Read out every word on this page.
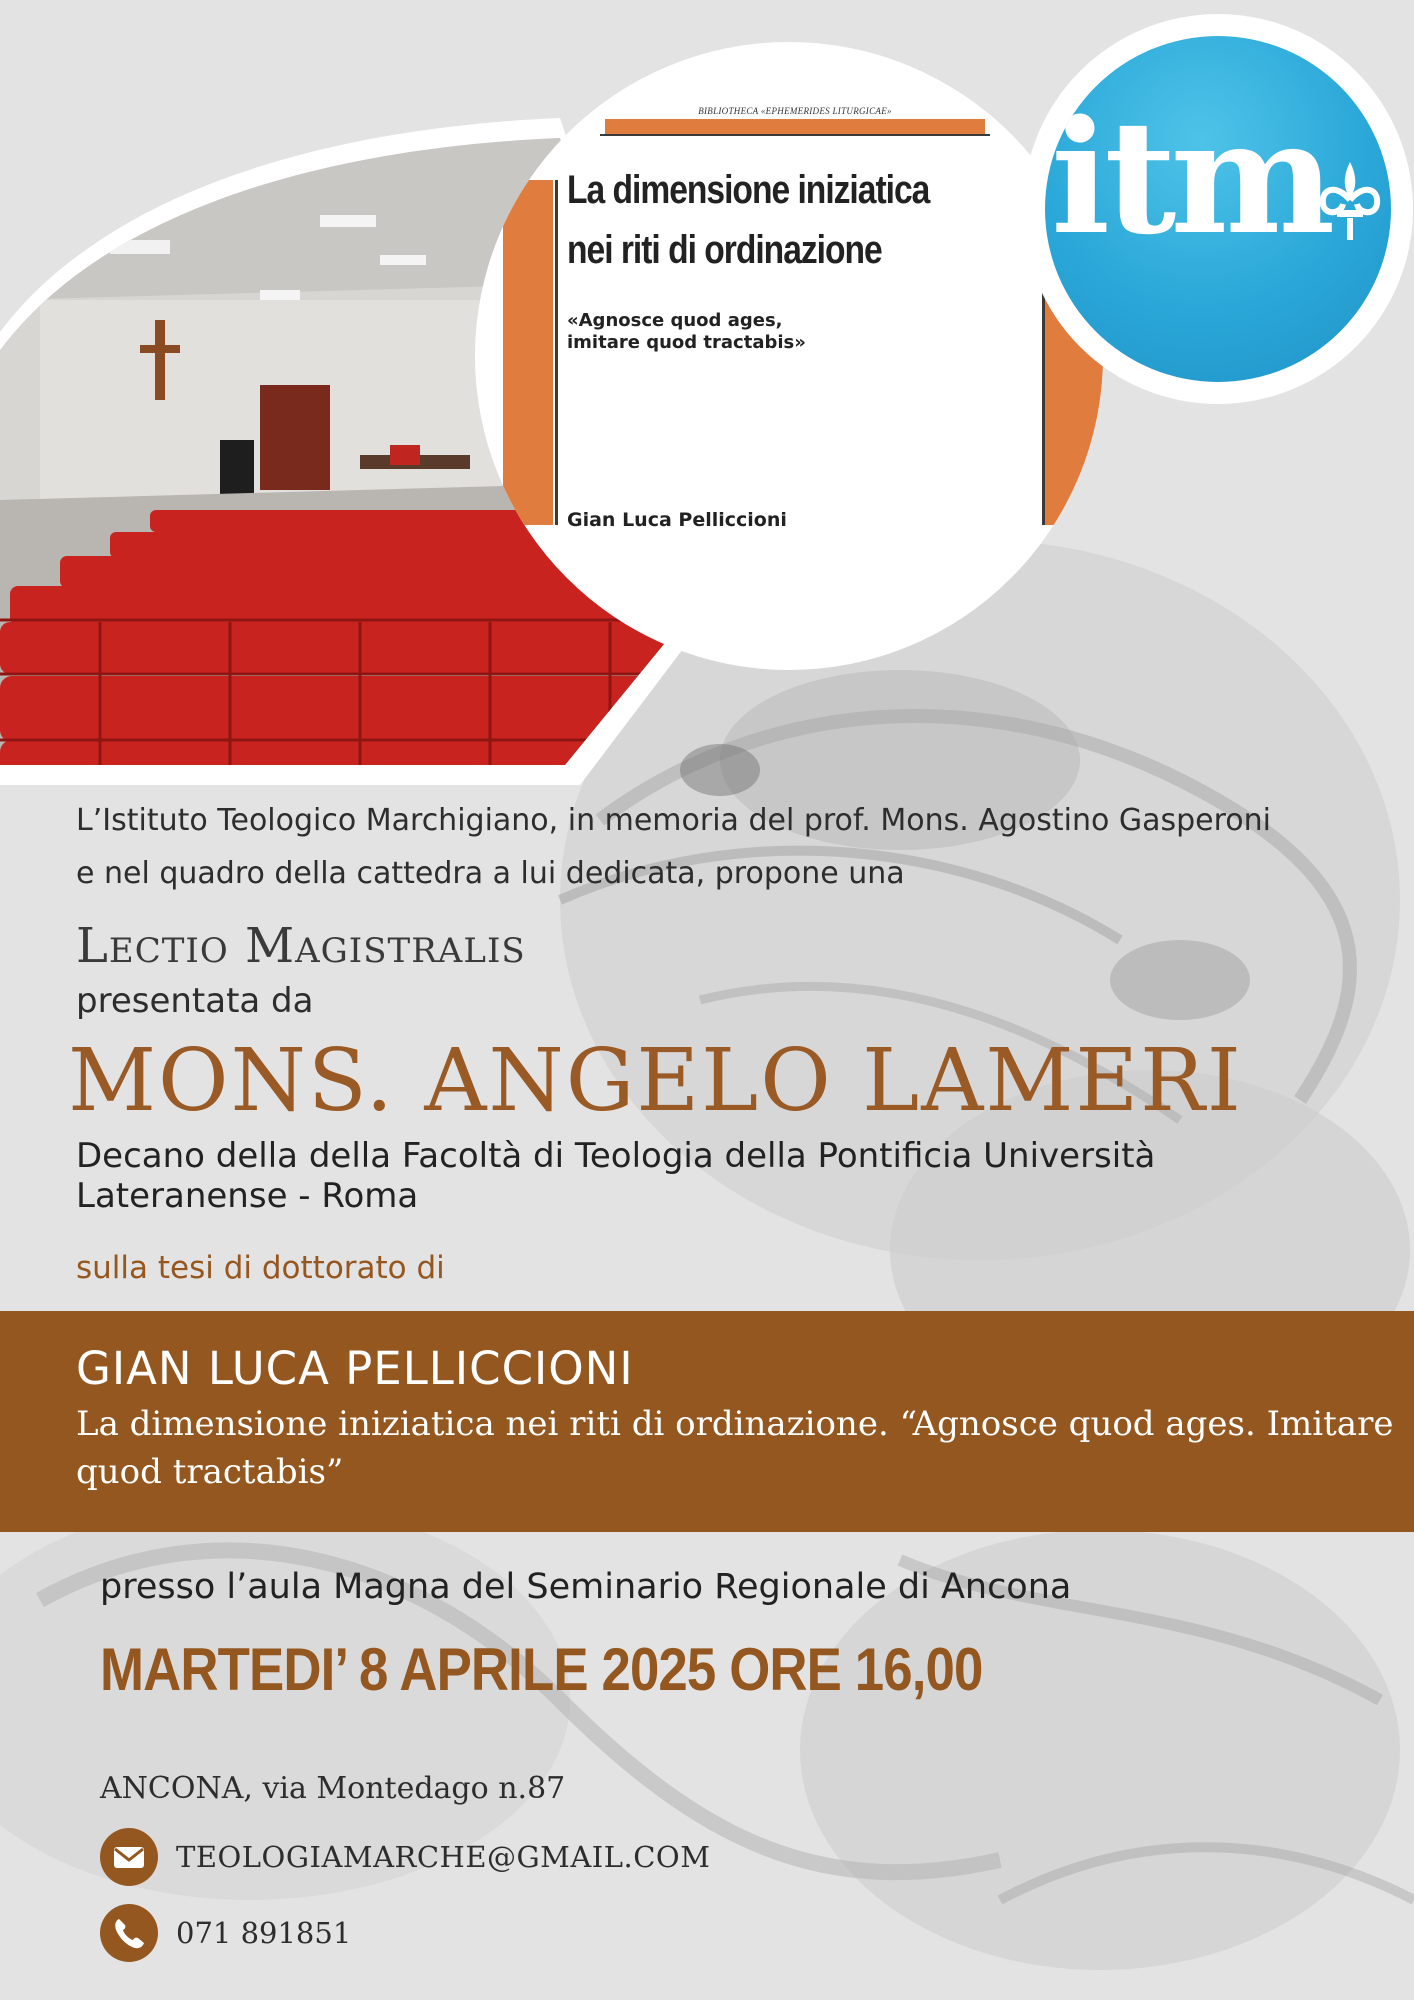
BIBLIOTHECA «EPHEMERIDES LITURGICAE»
La dimensione iniziatica
nei riti di ordinazione
«Agnosce quod ages,
imitare quod tractabis»
Gian Luca Pelliccioni
itm

L’Istituto Teologico Marchigiano, in memoria del prof. Mons. Agostino Gasperoni
e nel quadro della cattedra a lui dedicata, propone una

Lectio Magistralis

presentata da

MONS. ANGELO LAMERI

Decano della della Facoltà di Teologia della Pontificia Università
Lateranense - Roma

sulla tesi di dottorato di

GIAN LUCA PELLICCIONI

La dimensione iniziatica nei riti di ordinazione. “Agnosce quod ages. Imitare
quod tractabis”

presso l’aula Magna del Seminario Regionale di Ancona

MARTEDI’ 8 APRILE 2025 ORE 16,00

ANCONA, via Montedago n.87

TEOLOGIAMARCHE@GMAIL.COM

071 891851
